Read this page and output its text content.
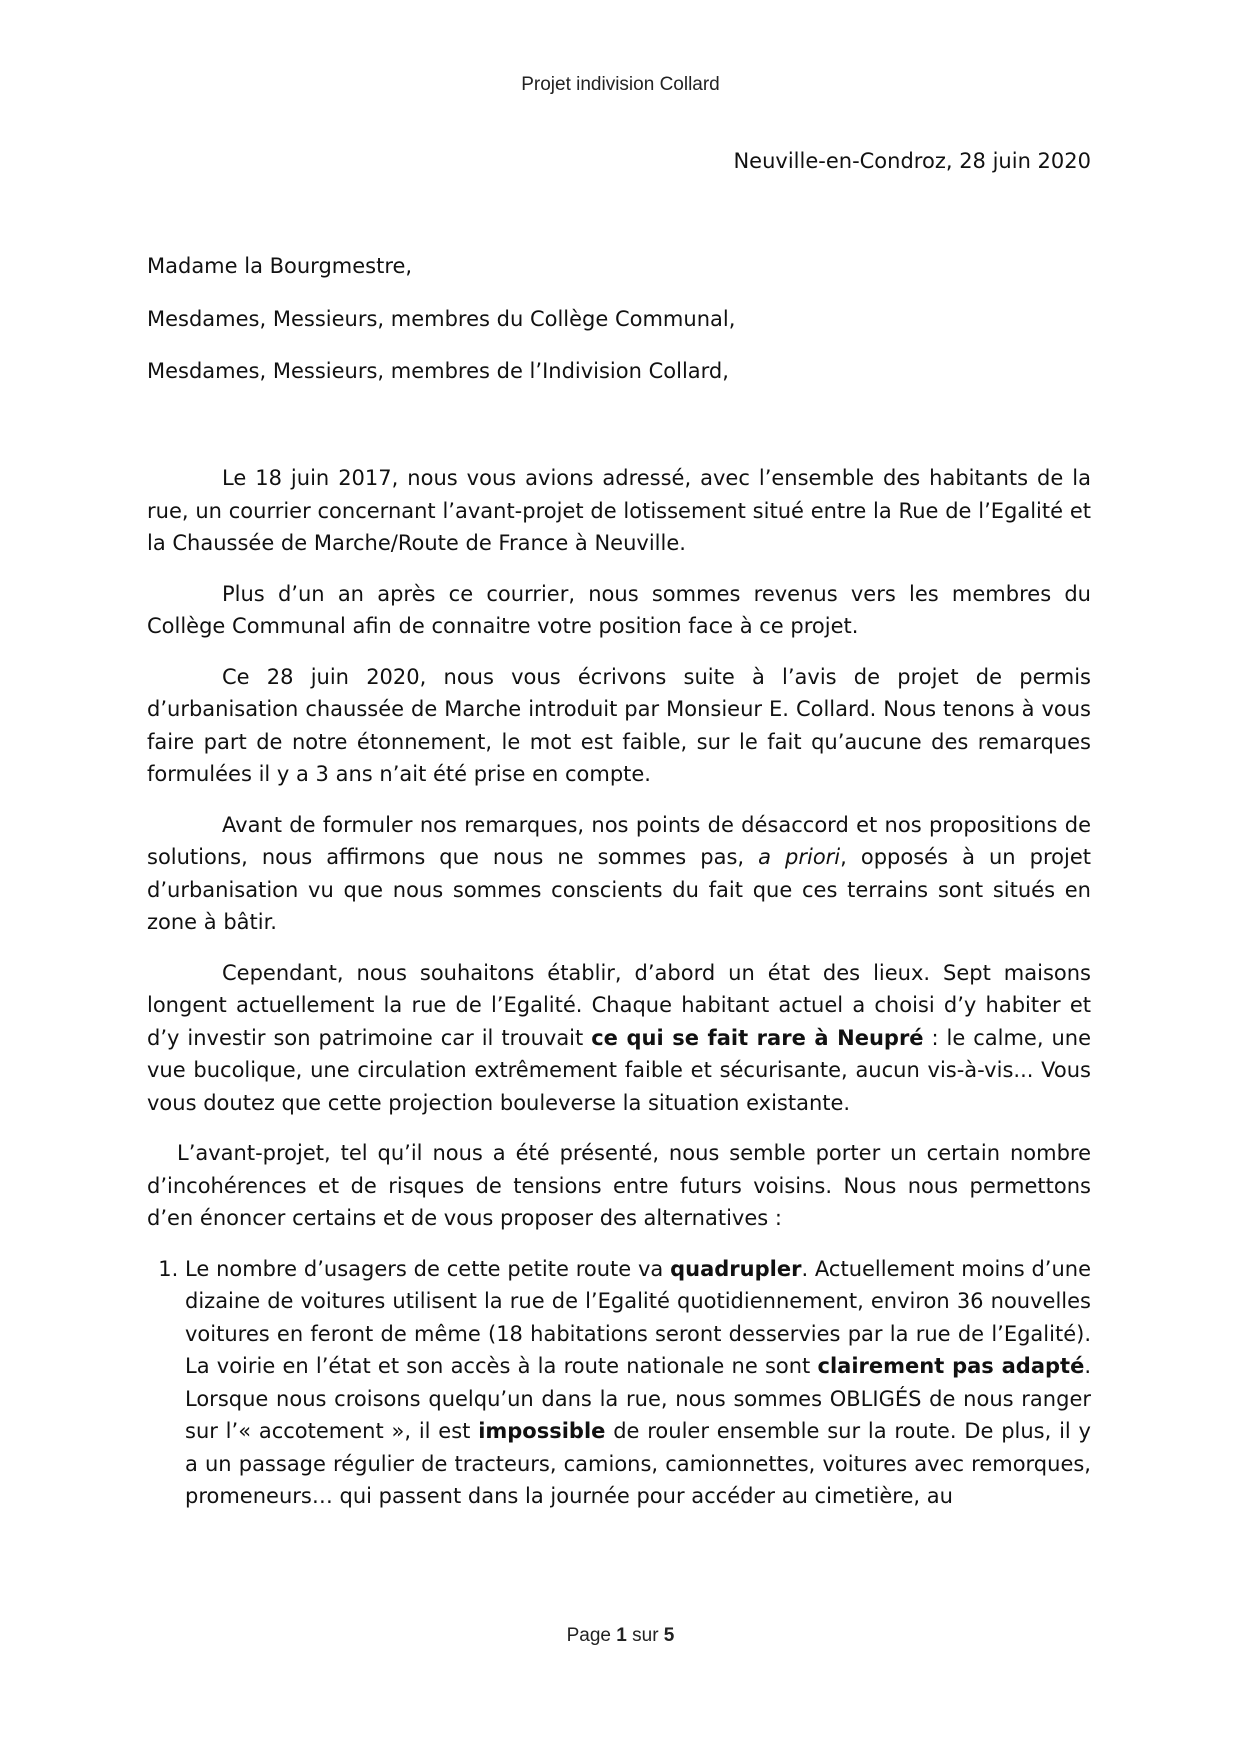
Projet indivision Collard
Neuville-en-Condroz, 28 juin 2020

Madame la Bourgmestre,

Mesdames, Messieurs, membres du Collège Communal,

Mesdames, Messieurs, membres de l’Indivision Collard,

Le 18 juin 2017, nous vous avions adressé, avec l’ensemble des habitants de la rue, un courrier concernant l’avant-projet de lotissement situé entre la Rue de l’Egalité et la Chaussée de Marche/Route de France à Neuville.

Plus d’un an après ce courrier, nous sommes revenus vers les membres du Collège Communal afin de connaitre votre position face à ce projet.

Ce 28 juin 2020, nous vous écrivons suite à l’avis de projet de permis d’urbanisation chaussée de Marche introduit par Monsieur E. Collard. Nous tenons à vous faire part de notre étonnement, le mot est faible, sur le fait qu’aucune des remarques formulées il y a 3 ans n’ait été prise en compte.

Avant de formuler nos remarques, nos points de désaccord et nos propositions de solutions, nous affirmons que nous ne sommes pas, a priori, opposés à un projet d’urbanisation vu que nous sommes conscients du fait que ces terrains sont situés en zone à bâtir.

Cependant, nous souhaitons établir, d’abord un état des lieux. Sept maisons longent actuellement la rue de l’Egalité. Chaque habitant actuel a choisi d’y habiter et d’y investir son patrimoine car il trouvait ce qui se fait rare à Neupré : le calme, une vue bucolique, une circulation extrêmement faible et sécurisante, aucun vis-à-vis... Vous vous doutez que cette projection bouleverse la situation existante.

L’avant-projet, tel qu’il nous a été présenté, nous semble porter un certain nombre d’incohérences et de risques de tensions entre futurs voisins. Nous nous permettons d’en énoncer certains et de vous proposer des alternatives :

1. Le nombre d’usagers de cette petite route va quadrupler. Actuellement moins d’une dizaine de voitures utilisent la rue de l’Egalité quotidiennement, environ 36 nouvelles voitures en feront de même (18 habitations seront desservies par la rue de l’Egalité). La voirie en l’état et son accès à la route nationale ne sont clairement pas adapté. Lorsque nous croisons quelqu’un dans la rue, nous sommes OBLIGÉS de nous ranger sur l’« accotement », il est impossible de rouler ensemble sur la route. De plus, il y a un passage régulier de tracteurs, camions, camionnettes, voitures avec remorques, promeneurs… qui passent dans la journée pour accéder au cimetière, au
Page 1 sur 5
